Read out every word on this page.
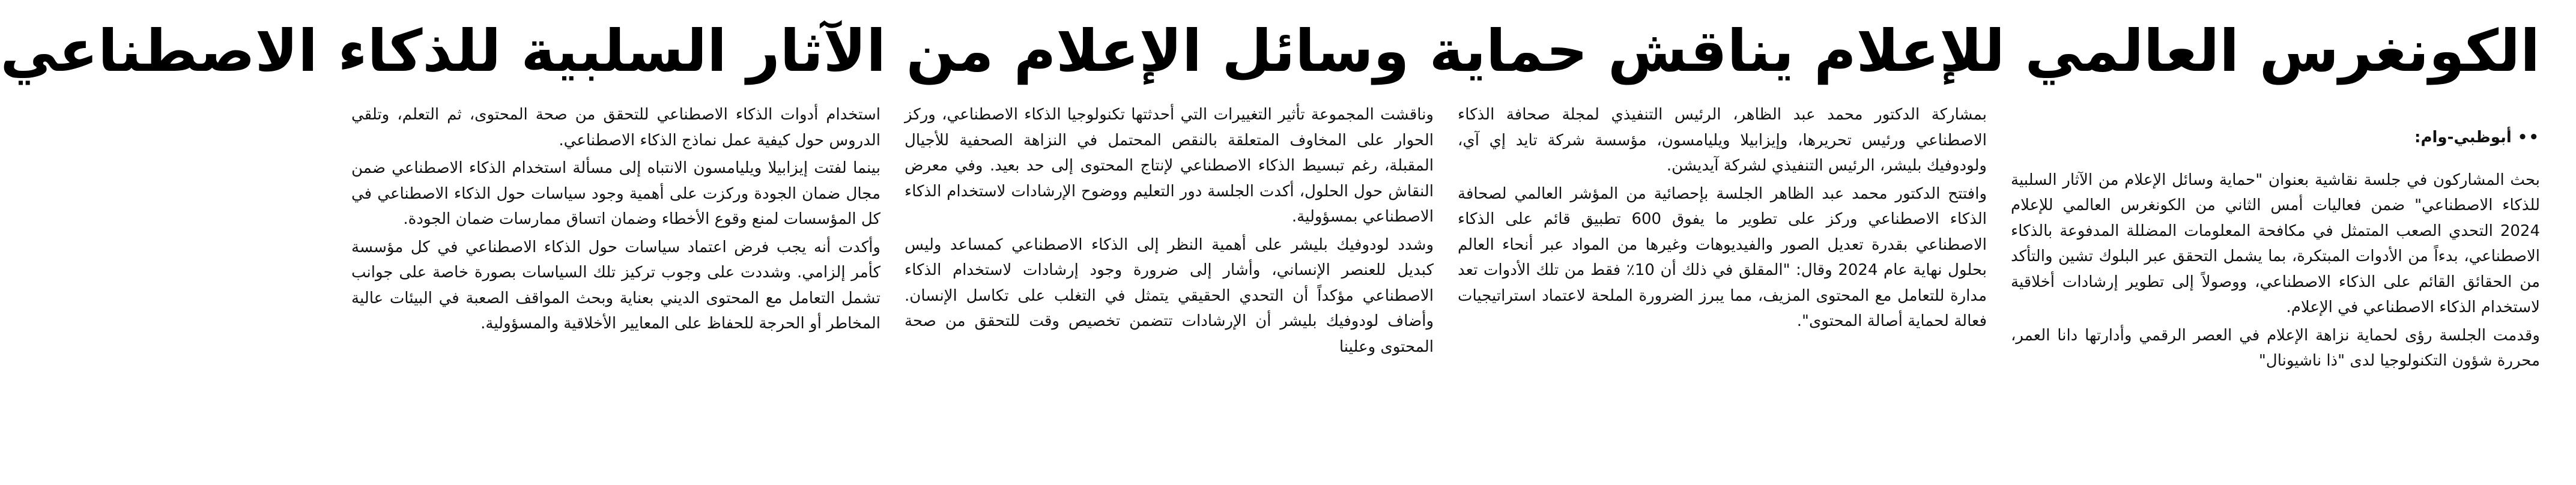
الكونغرس العالمي للإعلام يناقش حماية وسائل الإعلام من الآثار السلبية للذكاء الاصطناعي

••أبوظبي-وام:

بحث المشاركون في جلسة نقاشية بعنوان "حماية وسائل الإعلام من الآثار السلبية للذكاء الاصطناعي" ضمن فعاليات أمس الثاني من الكونغرس العالمي للإعلام 2024 التحدي الصعب المتمثل في مكافحة المعلومات المضللة المدفوعة بالذكاء الاصطناعي، بدءاً من الأدوات المبتكرة، بما يشمل التحقق عبر البلوك تشين والتأكد من الحقائق القائم على الذكاء الاصطناعي، ووصولاً إلى تطوير إرشادات أخلاقية لاستخدام الذكاء الاصطناعي في الإعلام.

وقدمت الجلسة رؤى لحماية نزاهة الإعلام في العصر الرقمي وأدارتها دانا العمر، محررة شؤون التكنولوجيا لدى "ذا ناشيونال"

بمشاركة الدكتور محمد عبد الظاهر، الرئيس التنفيذي لمجلة صحافة الذكاء الاصطناعي ورئيس تحريرها، وإيزابيلا ويليامسون، مؤسسة شركة تايد إي آي، ولودوفيك بليشر، الرئيس التنفيذي لشركة آيديشن.

وافتتح الدكتور محمد عبد الظاهر الجلسة بإحصائية من المؤشر العالمي لصحافة الذكاء الاصطناعي وركز على تطوير ما يفوق 600 تطبيق قائم على الذكاء الاصطناعي بقدرة تعديل الصور والفيديوهات وغيرها من المواد عبر أنحاء العالم بحلول نهاية عام 2024 وقال: "المقلق في ذلك أن 10٪ فقط من تلك الأدوات تعد مدارة للتعامل مع المحتوى المزيف، مما يبرز الضرورة الملحة لاعتماد استراتيجيات فعالة لحماية أصالة المحتوى".

وناقشت المجموعة تأثير التغييرات التي أحدثتها تكنولوجيا الذكاء الاصطناعي، وركز الحوار على المخاوف المتعلقة بالنقص المحتمل في النزاهة الصحفية للأجيال المقبلة، رغم تبسيط الذكاء الاصطناعي لإنتاج المحتوى إلى حد بعيد. وفي معرض النقاش حول الحلول، أكدت الجلسة دور التعليم ووضوح الإرشادات لاستخدام الذكاء الاصطناعي بمسؤولية.

وشدد لودوفيك بليشر على أهمية النظر إلى الذكاء الاصطناعي كمساعد وليس كبديل للعنصر الإنساني، وأشار إلى ضرورة وجود إرشادات لاستخدام الذكاء الاصطناعي مؤكداً أن التحدي الحقيقي يتمثل في التغلب على تكاسل الإنسان. وأضاف لودوفيك بليشر أن الإرشادات تتضمن تخصيص وقت للتحقق من صحة المحتوى وعلينا

استخدام أدوات الذكاء الاصطناعي للتحقق من صحة المحتوى، ثم التعلم، وتلقي الدروس حول كيفية عمل نماذج الذكاء الاصطناعي.

بينما لفتت إيزابيلا ويليامسون الانتباه إلى مسألة استخدام الذكاء الاصطناعي ضمن مجال ضمان الجودة وركزت على أهمية وجود سياسات حول الذكاء الاصطناعي في كل المؤسسات لمنع وقوع الأخطاء وضمان اتساق ممارسات ضمان الجودة.

وأكدت أنه يجب فرض اعتماد سياسات حول الذكاء الاصطناعي في كل مؤسسة كأمر إلزامي. وشددت على وجوب تركيز تلك السياسات بصورة خاصة على جوانب تشمل التعامل مع المحتوى الديني بعناية وبحث المواقف الصعبة في البيئات عالية المخاطر أو الحرجة للحفاظ على المعايير الأخلاقية والمسؤولية.
